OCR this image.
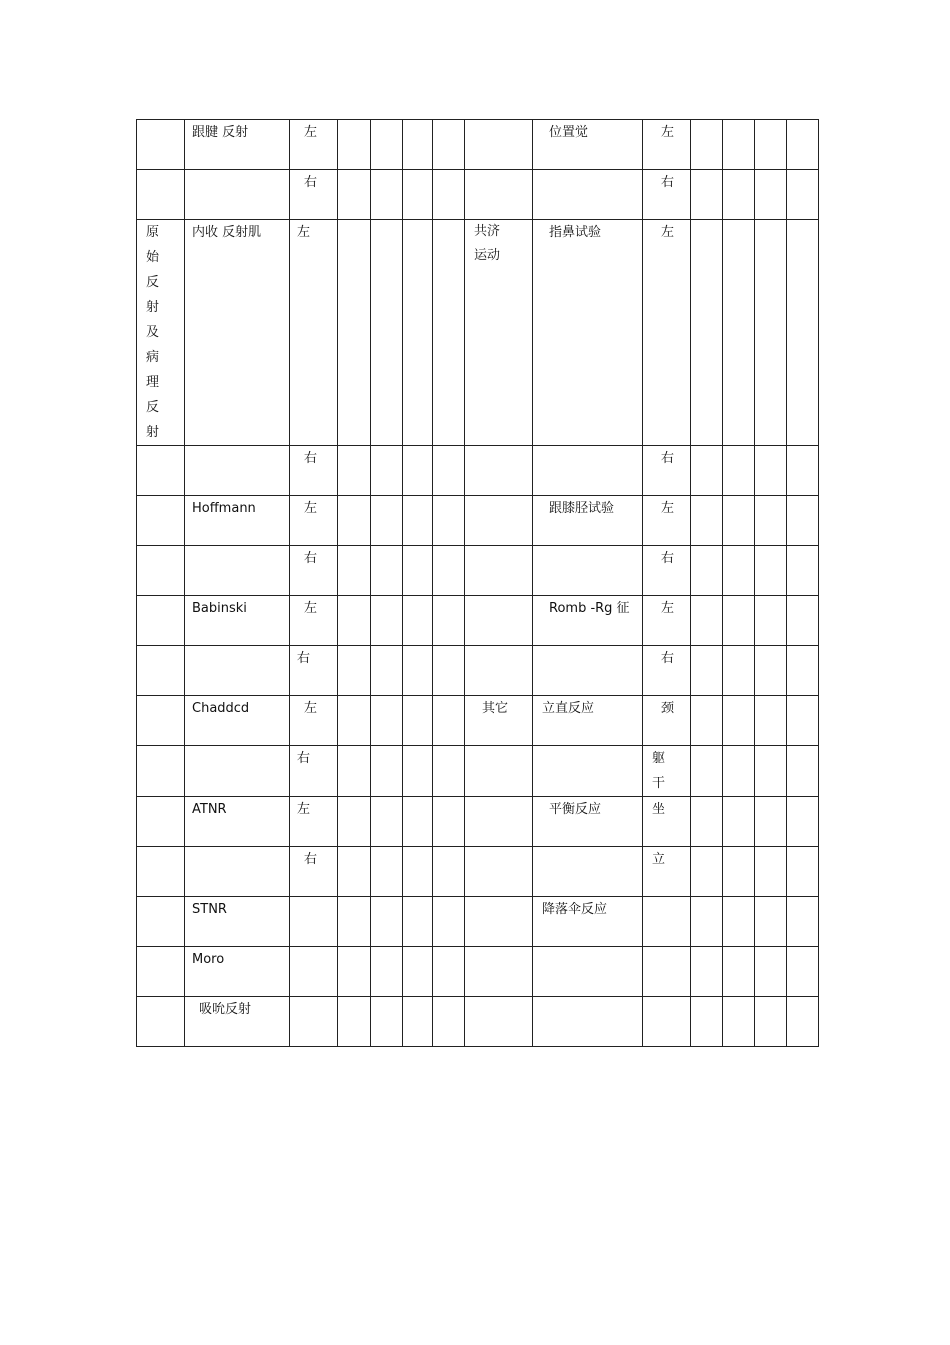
	跟腱 反射	左						位置觉	左				

		右							右				

原始反射及病理反射	内收 反射肌	左					共济运动	指鼻试验	左				

		右							右				

	Hoffmann	左						跟膝胫试验	左				

		右							右				

	Babinski	左						Romb -Rg 征	左				

		右							右				

	Chaddcd	左					其它	立直反应	颈				

		右							躯干				

	ATNR	左						平衡反应	坐				

		右							立				

	STNR							降落伞反应					

	Moro												

	吸吮反射												
